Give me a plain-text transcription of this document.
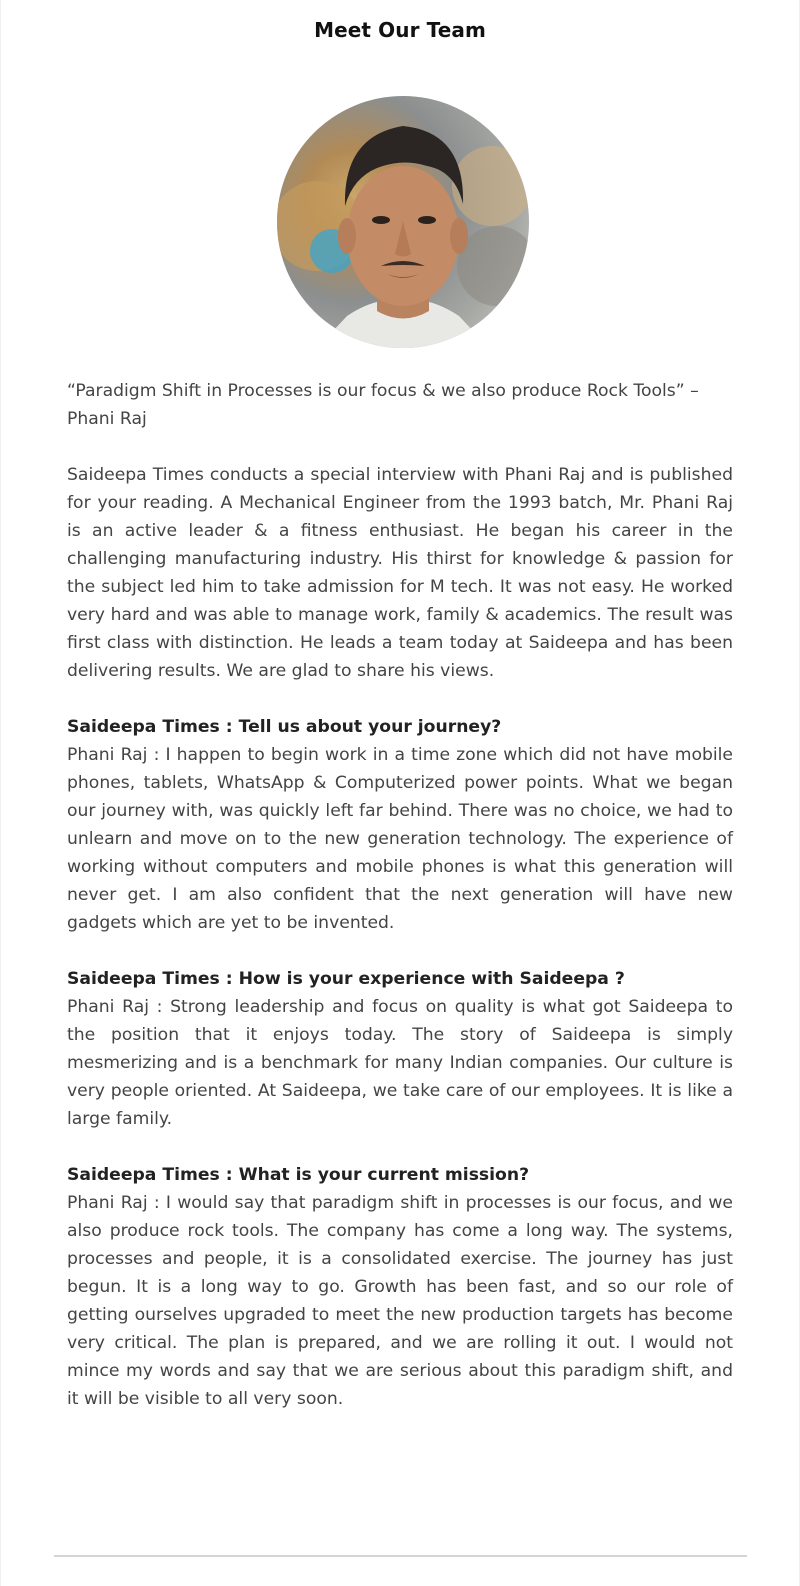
Meet Our Team

“Paradigm Shift in Processes is our focus & we also produce Rock Tools” – Phani Raj

Saideepa Times conducts a special interview with Phani Raj and is published for your reading. A Mechanical Engineer from the 1993 batch, Mr. Phani Raj is an active leader & a fitness enthusiast. He began his career in the challenging manufacturing industry. His thirst for knowledge & passion for the subject led him to take admission for M tech. It was not easy. He worked very hard and was able to manage work, family & academics. The result was first class with distinction. He leads a team today at Saideepa and has been delivering results. We are glad to share his views.

Saideepa Times : Tell us about your journey?

Phani Raj : I happen to begin work in a time zone which did not have mobile phones, tablets, WhatsApp & Computerized power points. What we began our journey with, was quickly left far behind. There was no choice, we had to unlearn and move on to the new generation technology. The experience of working without computers and mobile phones is what this generation will never get. I am also confident that the next generation will have new gadgets which are yet to be invented.

Saideepa Times : How is your experience with Saideepa ?

Phani Raj : Strong leadership and focus on quality is what got Saideepa to the position that it enjoys today. The story of Saideepa is simply mesmerizing and is a benchmark for many Indian companies. Our culture is very people oriented. At Saideepa, we take care of our employees. It is like a large family.

Saideepa Times : What is your current mission?

Phani Raj : I would say that paradigm shift in processes is our focus, and we also produce rock tools. The company has come a long way. The systems, processes and people, it is a consolidated exercise. The journey has just begun. It is a long way to go. Growth has been fast, and so our role of getting ourselves upgraded to meet the new production targets has become very critical. The plan is prepared, and we are rolling it out. I would not mince my words and say that we are serious about this paradigm shift, and it will be visible to all very soon.
